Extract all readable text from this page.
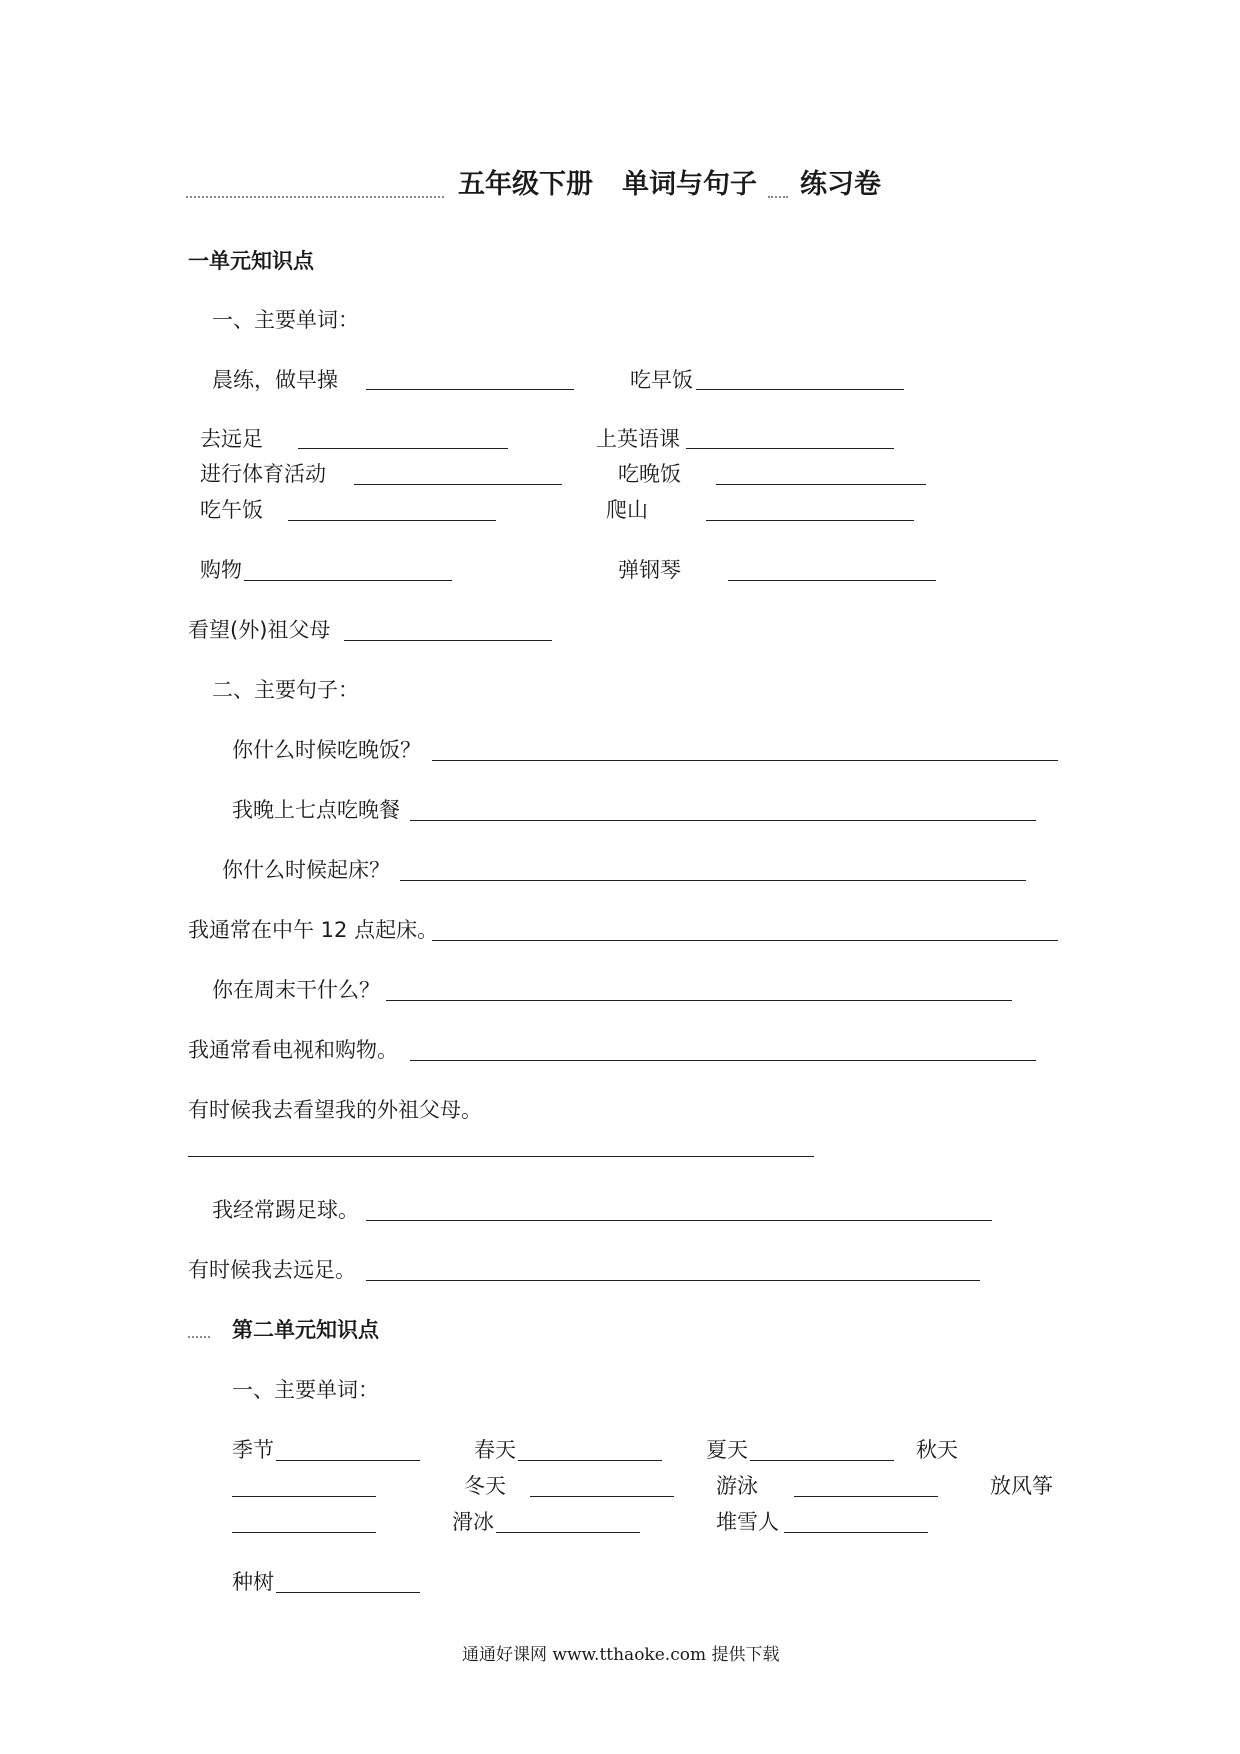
五年级下册 单词与句子 练习卷
一单元知识点
一、主要单词：
晨练，做早操	吃早饭
去远足	上英语课
进行体育活动	吃晚饭
吃午饭	爬山
购物	弹钢琴
看望(外)祖父母
二、主要句子：
你什么时候吃晚饭？
我晚上七点吃晚餐
你什么时候起床？
我通常在中午 12 点起床。
你在周末干什么？
我通常看电视和购物。
有时候我去看望我的外祖父母。
我经常踢足球。
有时候我去远足。
第二单元知识点
一、主要单词：
季节	春天	夏天	秋天
冬天	游泳	放风筝
滑冰	堆雪人
种树
通通好课网 www.tthaoke.com 提供下载
